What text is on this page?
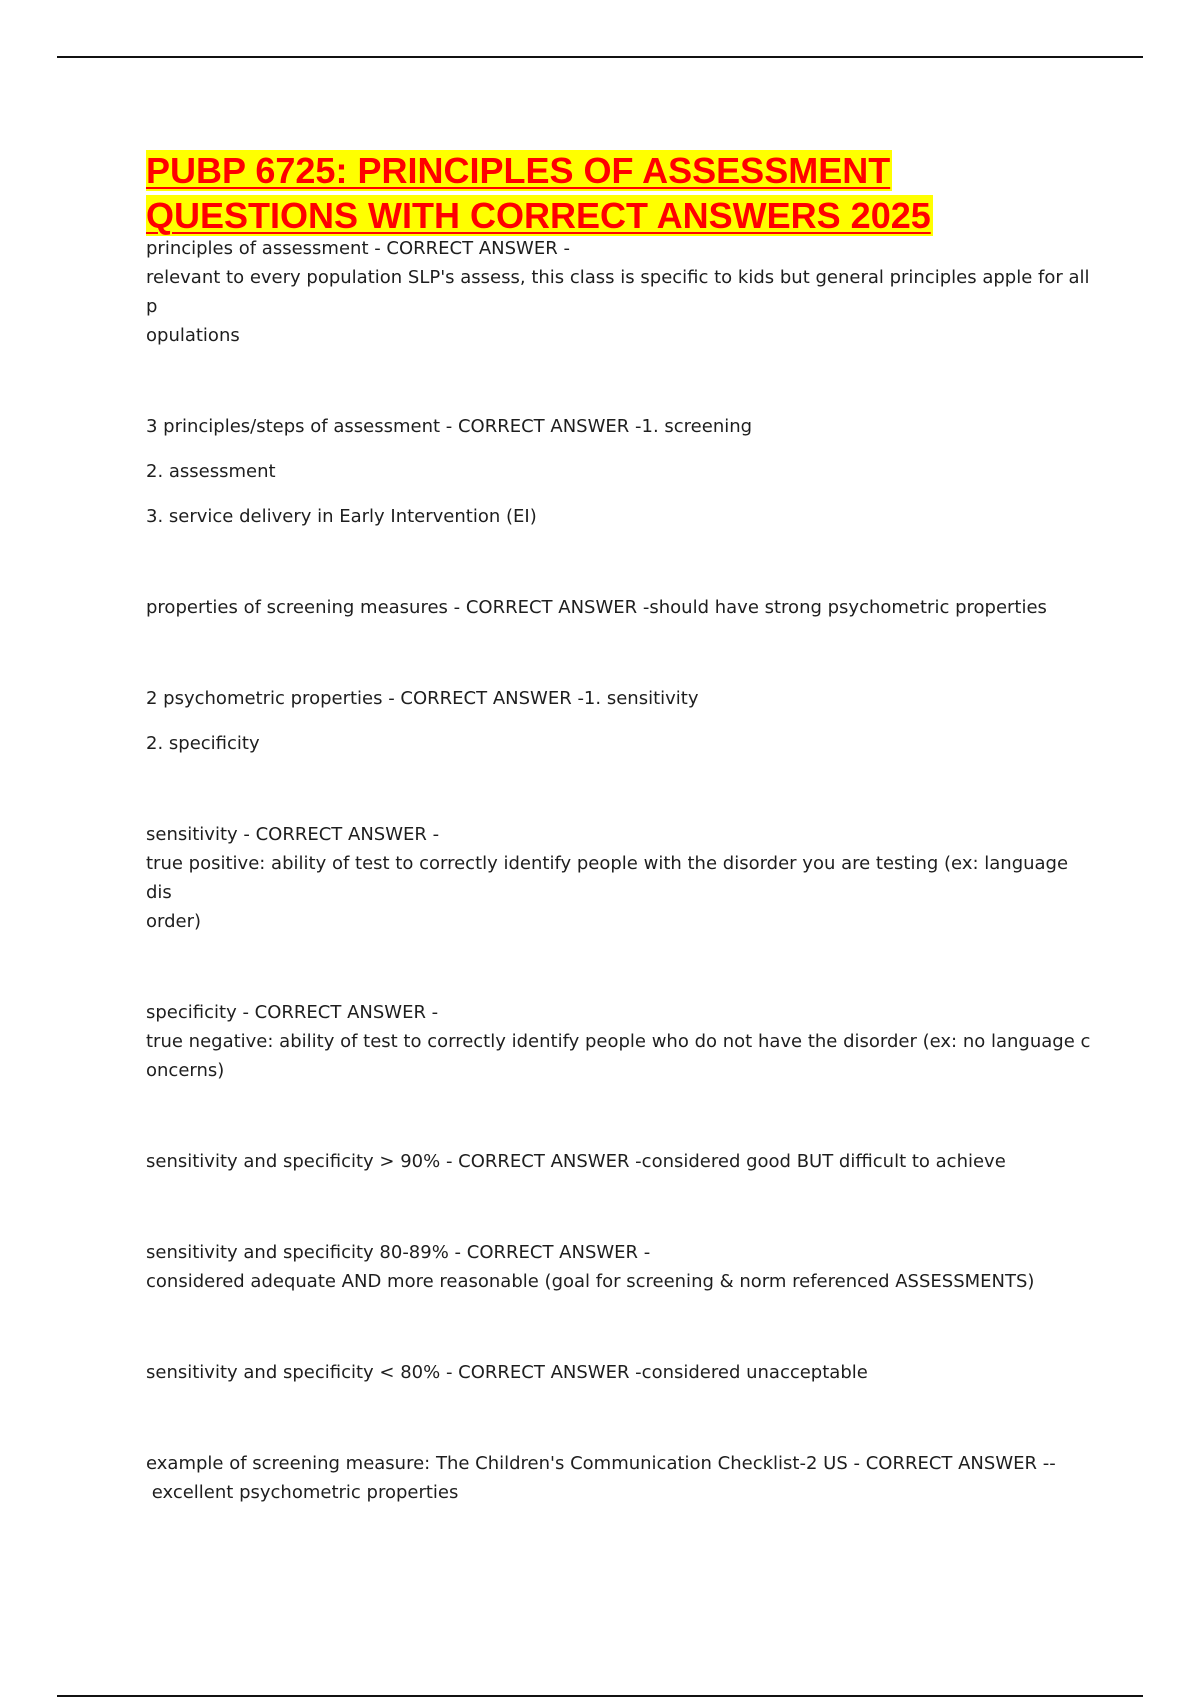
PUBP 6725: PRINCIPLES OF ASSESSMENT
QUESTIONS WITH CORRECT ANSWERS 2025
principles of assessment - CORRECT ANSWER -
relevant to every population SLP's assess, this class is specific to kids but general principles apple for all p
opulations
3 principles/steps of assessment - CORRECT ANSWER -1. screening
2. assessment
3. service delivery in Early Intervention (EI)
properties of screening measures - CORRECT ANSWER -should have strong psychometric properties
2 psychometric properties - CORRECT ANSWER -1. sensitivity
2. specificity
sensitivity - CORRECT ANSWER -
true positive: ability of test to correctly identify people with the disorder you are testing (ex: language dis
order)
specificity - CORRECT ANSWER -
true negative: ability of test to correctly identify people who do not have the disorder (ex: no language c
oncerns)
sensitivity and specificity > 90% - CORRECT ANSWER -considered good BUT difficult to achieve
sensitivity and specificity 80-89% - CORRECT ANSWER -
considered adequate AND more reasonable (goal for screening & norm referenced ASSESSMENTS)
sensitivity and specificity < 80% - CORRECT ANSWER -considered unacceptable
example of screening measure: The Children's Communication Checklist-2 US - CORRECT ANSWER --
excellent psychometric properties
